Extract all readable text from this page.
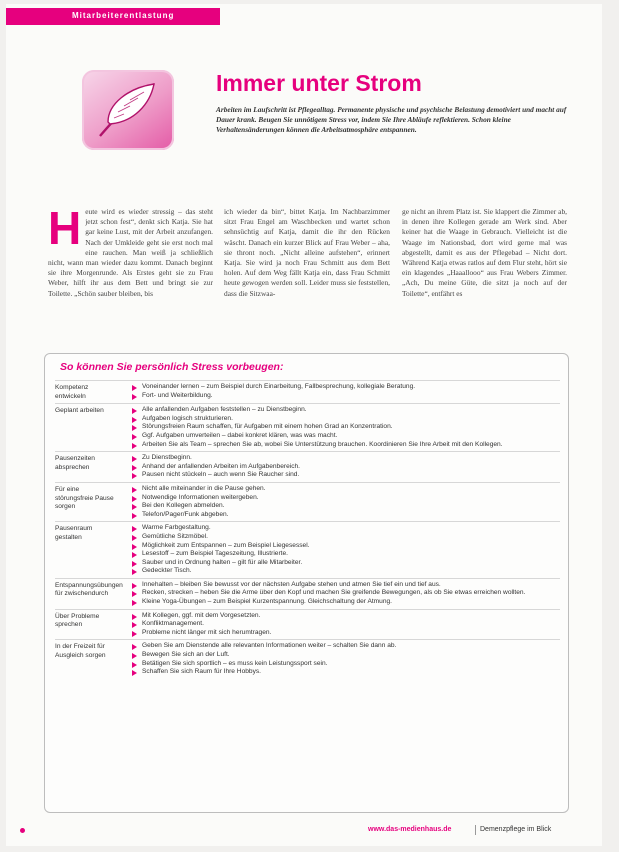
Mitarbeiterentlastung
Immer unter Strom
Arbeiten im Laufschritt ist Pflegealltag. Permanente physische und psychische Belastung demotiviert und macht auf Dauer krank. Beugen Sie unnötigem Stress vor, indem Sie Ihre Abläufe reflektieren. Schon kleine Verhaltensänderungen können die Arbeitsatmosphäre entspannen.
H eute wird es wieder stressig – das steht jetzt schon fest“, denkt sich Katja. Sie hat gar keine Lust, mit der Arbeit anzufangen. Nach der Umkleide geht sie erst noch mal eine rauchen. Man weiß ja schließlich nicht, wann man wieder dazu kommt. Danach beginnt sie ihre Morgenrunde. Als Erstes geht sie zu Frau Weber, hilft ihr aus dem Bett und bringt sie zur Toilette. „Schön sauber bleiben, bis
ich wieder da bin“, bittet Katja. Im Nachbarzimmer sitzt Frau Engel am Waschbecken und wartet schon sehnsüchtig auf Katja, damit die ihr den Rücken wäscht. Danach ein kurzer Blick auf Frau Weber – aha, sie thront noch. „Nicht alleine aufstehen“, erinnert Katja. Sie wird ja noch Frau Schmitt aus dem Bett holen. Auf dem Weg fällt Katja ein, dass Frau Schmitt heute gewogen werden soll. Leider muss sie feststellen, dass die Sitzwaa-
ge nicht an ihrem Platz ist. Sie klappert die Zimmer ab, in denen ihre Kollegen gerade am Werk sind. Aber keiner hat die Waage in Gebrauch. Vielleicht ist die Waage im Nationsbad, dort wird gerne mal was abgestellt, damit es aus der Pflegebad – Nicht dort. Während Katja etwas ratlos auf dem Flur steht, hört sie ein klagendes „Haaallooo“ aus Frau Webers Zimmer. „Ach, Du meine Güte, die sitzt ja noch auf der Toilette“, entfährt es
So können Sie persönlich Stress vorbeugen:
Kompetenz entwickeln
Voneinander lernen – zum Beispiel durch Einarbeitung, Fallbesprechung, kollegiale Beratung.
Fort- und Weiterbildung.
Geplant arbeiten	Alle anfallenden Aufgaben feststellen – zu Dienstbeginn.
Aufgaben logisch strukturieren.
Störungsfreien Raum schaffen, für Aufgaben mit einem hohen Grad an Konzentration.
Ggf. Aufgaben umverteilen – dabei konkret klären, was was macht.
Arbeiten Sie als Team – sprechen Sie ab, wobei Sie Unterstützung brauchen. Koordinieren Sie Ihre Arbeit mit den Kollegen.
Pausenzeiten absprechen
Zu Dienstbeginn.
Anhand der anfallenden Arbeiten im Aufgabenbereich.
Pausen nicht stückeln – auch wenn Sie Raucher sind.
Für eine störungsfreie Pause sorgen
Nicht alle miteinander in die Pause gehen.
Notwendige Informationen weitergeben.
Bei den Kollegen abmelden.
Telefon/Pager/Funk abgeben.
Pausenraum gestalten
Warme Farbgestaltung.
Gemütliche Sitzmöbel.
Möglichkeit zum Entspannen – zum Beispiel Liegesessel.
Lesestoff – zum Beispiel Tageszeitung, Illustrierte.
Sauber und in Ordnung halten – gilt für alle Mitarbeiter.
Gedeckter Tisch.
Entspannungsübungen für zwischendurch
Innehalten – bleiben Sie bewusst vor der nächsten Aufgabe stehen und atmen Sie tief ein und tief aus.
Recken, strecken – heben Sie die Arme über den Kopf und machen Sie greifende Bewegungen, als ob Sie etwas erreichen wollten.
Kleine Yoga-Übungen – zum Beispiel Kurzentspannung. Gleichschaltung der Atmung.
Über Probleme sprechen
Mit Kollegen, ggf. mit dem Vorgesetzten.
Konfliktmanagement.
Probleme nicht länger mit sich herumtragen.
In der Freizeit für Ausgleich sorgen
Geben Sie am Dienstende alle relevanten Informationen weiter – schalten Sie dann ab.
Bewegen Sie sich an der Luft.
Betätigen Sie sich sportlich – es muss kein Leistungssport sein.
Schaffen Sie sich Raum für Ihre Hobbys.
www.das-medienhaus.de	Demenzpflege im Blick
